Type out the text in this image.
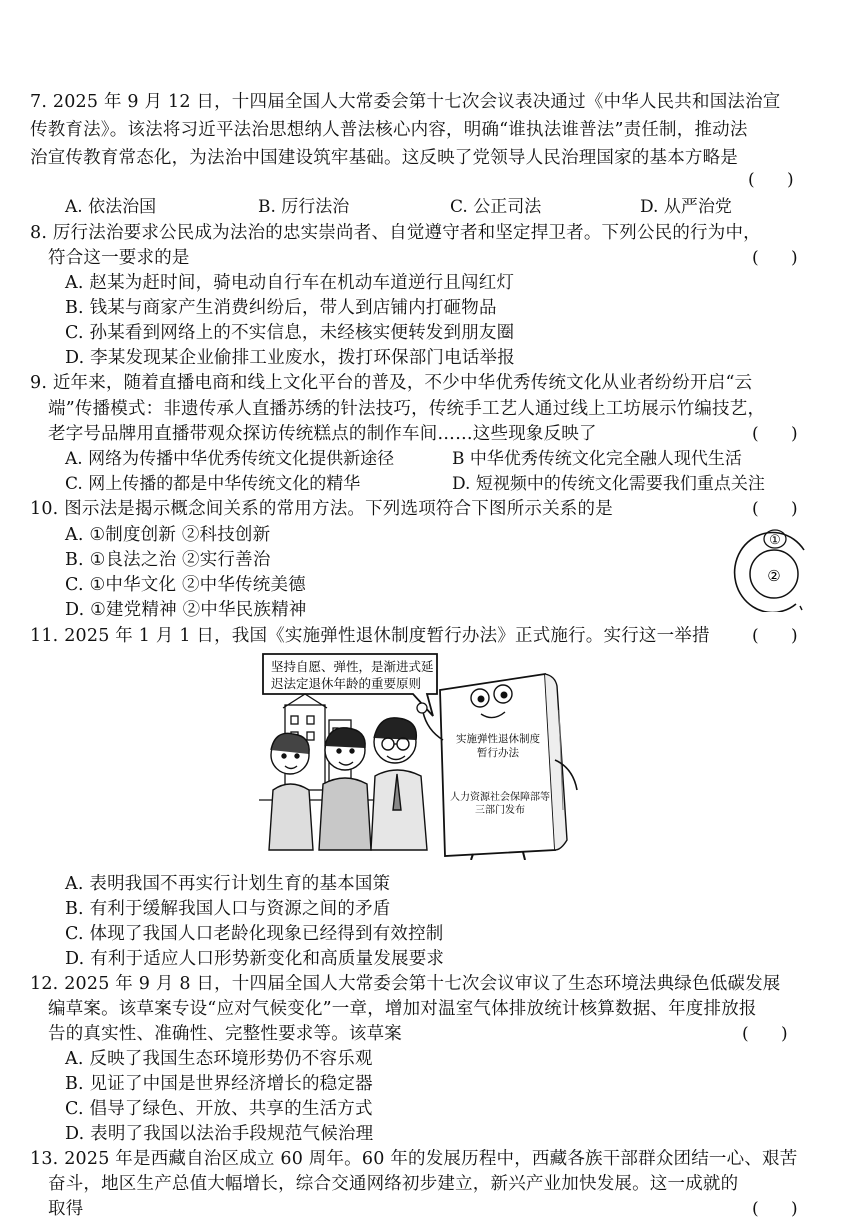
7. 2025 年 9 月 12 日，十四届全国人大常委会第十七次会议表决通过《中华人民共和国法治宣
传教育法》。该法将习近平法治思想纳人普法核心内容，明确“谁执法谁普法”责任制，推动法
治宣传教育常态化，为法治中国建设筑牢基础。这反映了党领导人民治理国家的基本方略是
(      )
A. 依法治国	B. 厉行法治	C. 公正司法	D. 从严治党
8. 厉行法治要求公民成为法治的忠实崇尚者、自觉遵守者和坚定捍卫者。下列公民的行为中，
符合这一要求的是	(      )
A. 赵某为赶时间，骑电动自行车在机动车道逆行且闯红灯
B. 钱某与商家产生消费纠纷后，带人到店铺内打砸物品
C. 孙某看到网络上的不实信息，未经核实便转发到朋友圈
D. 李某发现某企业偷排工业废水，拨打环保部门电话举报
9. 近年来，随着直播电商和线上文化平台的普及，不少中华优秀传统文化从业者纷纷开启“云
端”传播模式：非遗传承人直播苏绣的针法技巧，传统手工艺人通过线上工坊展示竹编技艺，
老字号品牌用直播带观众探访传统糕点的制作车间……这些现象反映了	(      )
A. 网络为传播中华优秀传统文化提供新途径	B 中华优秀传统文化完全融人现代生活
C. 网上传播的都是中华传统文化的精华	D. 短视频中的传统文化需要我们重点关注
10. 图示法是揭示概念间关系的常用方法。下列选项符合下图所示关系的是	(      )
A. ①制度创新 ②科技创新
B. ①良法之治 ②实行善治
C. ①中华文化 ②中华传统美德
D. ①建党精神 ②中华民族精神
①
②
11. 2025 年 1 月 1 日，我国《实施弹性退休制度暂行办法》正式施行。实行这一举措 (      )
坚持自愿、弹性，是渐进式延
迟法定退休年龄的重要原则
实施弹性退休制度
暂行办法
人力资源社会保障部等
三部门发布
A. 表明我国不再实行计划生育的基本国策
B. 有利于缓解我国人口与资源之间的矛盾
C. 体现了我国人口老龄化现象已经得到有效控制
D. 有利于适应人口形势新变化和高质量发展要求
12. 2025 年 9 月 8 日，十四届全国人大常委会第十七次会议审议了生态环境法典绿色低碳发展
编草案。该草案专设“应对气候变化”一章，增加对温室气体排放统计核算数据、年度排放报
告的真实性、准确性、完整性要求等。该草案	(      )
A. 反映了我国生态环境形势仍不容乐观
B. 见证了中国是世界经济增长的稳定器
C. 倡导了绿色、开放、共享的生活方式
D. 表明了我国以法治手段规范气候治理
13. 2025 年是西藏自治区成立 60 周年。60 年的发展历程中，西藏各族干部群众团结一心、艰苦
奋斗，地区生产总值大幅增长，综合交通网络初步建立，新兴产业加快发展。这一成就的
取得	(      )
